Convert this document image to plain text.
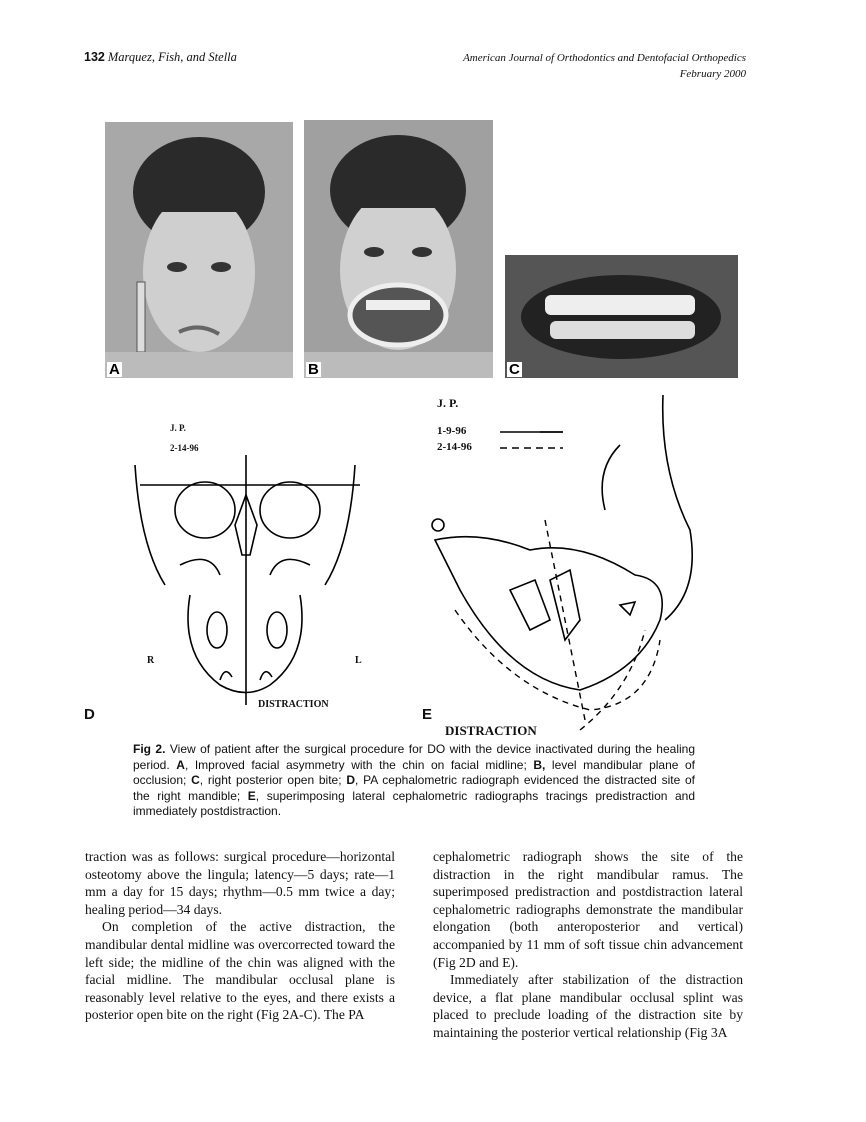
132 Marquez, Fish, and Stella	American Journal of Orthodontics and Dentofacial Orthopedics
February 2000
A	B	C
J. P.
2-14-96
R	L
DISTRACTION
D
J. P.
1-9-96
2-14-96
DISTRACTION
E
Fig 2. View of patient after the surgical procedure for DO with the device inactivated during the healing period. A, Improved facial asymmetry with the chin on facial midline; B, level mandibular plane of occlusion; C, right posterior open bite; D, PA cephalometric radiograph evidenced the distracted site of the right mandible; E, superimposing lateral cephalometric radiographs tracings predistraction and immediately postdistraction.

traction was as follows: surgical procedure—horizontal osteotomy above the lingula; latency—5 days; rate—1 mm a day for 15 days; rhythm—0.5 mm twice a day; healing period—34 days.

On completion of the active distraction, the mandibular dental midline was overcorrected toward the left side; the midline of the chin was aligned with the facial midline. The mandibular occlusal plane is reasonably level relative to the eyes, and there exists a posterior open bite on the right (Fig 2A-C). The PA

cephalometric radiograph shows the site of the distraction in the right mandibular ramus. The superimposed predistraction and postdistraction lateral cephalometric radiographs demonstrate the mandibular elongation (both anteroposterior and vertical) accompanied by 11 mm of soft tissue chin advancement (Fig 2D and E).

Immediately after stabilization of the distraction device, a flat plane mandibular occlusal splint was placed to preclude loading of the distraction site by maintaining the posterior vertical relationship (Fig 3A
